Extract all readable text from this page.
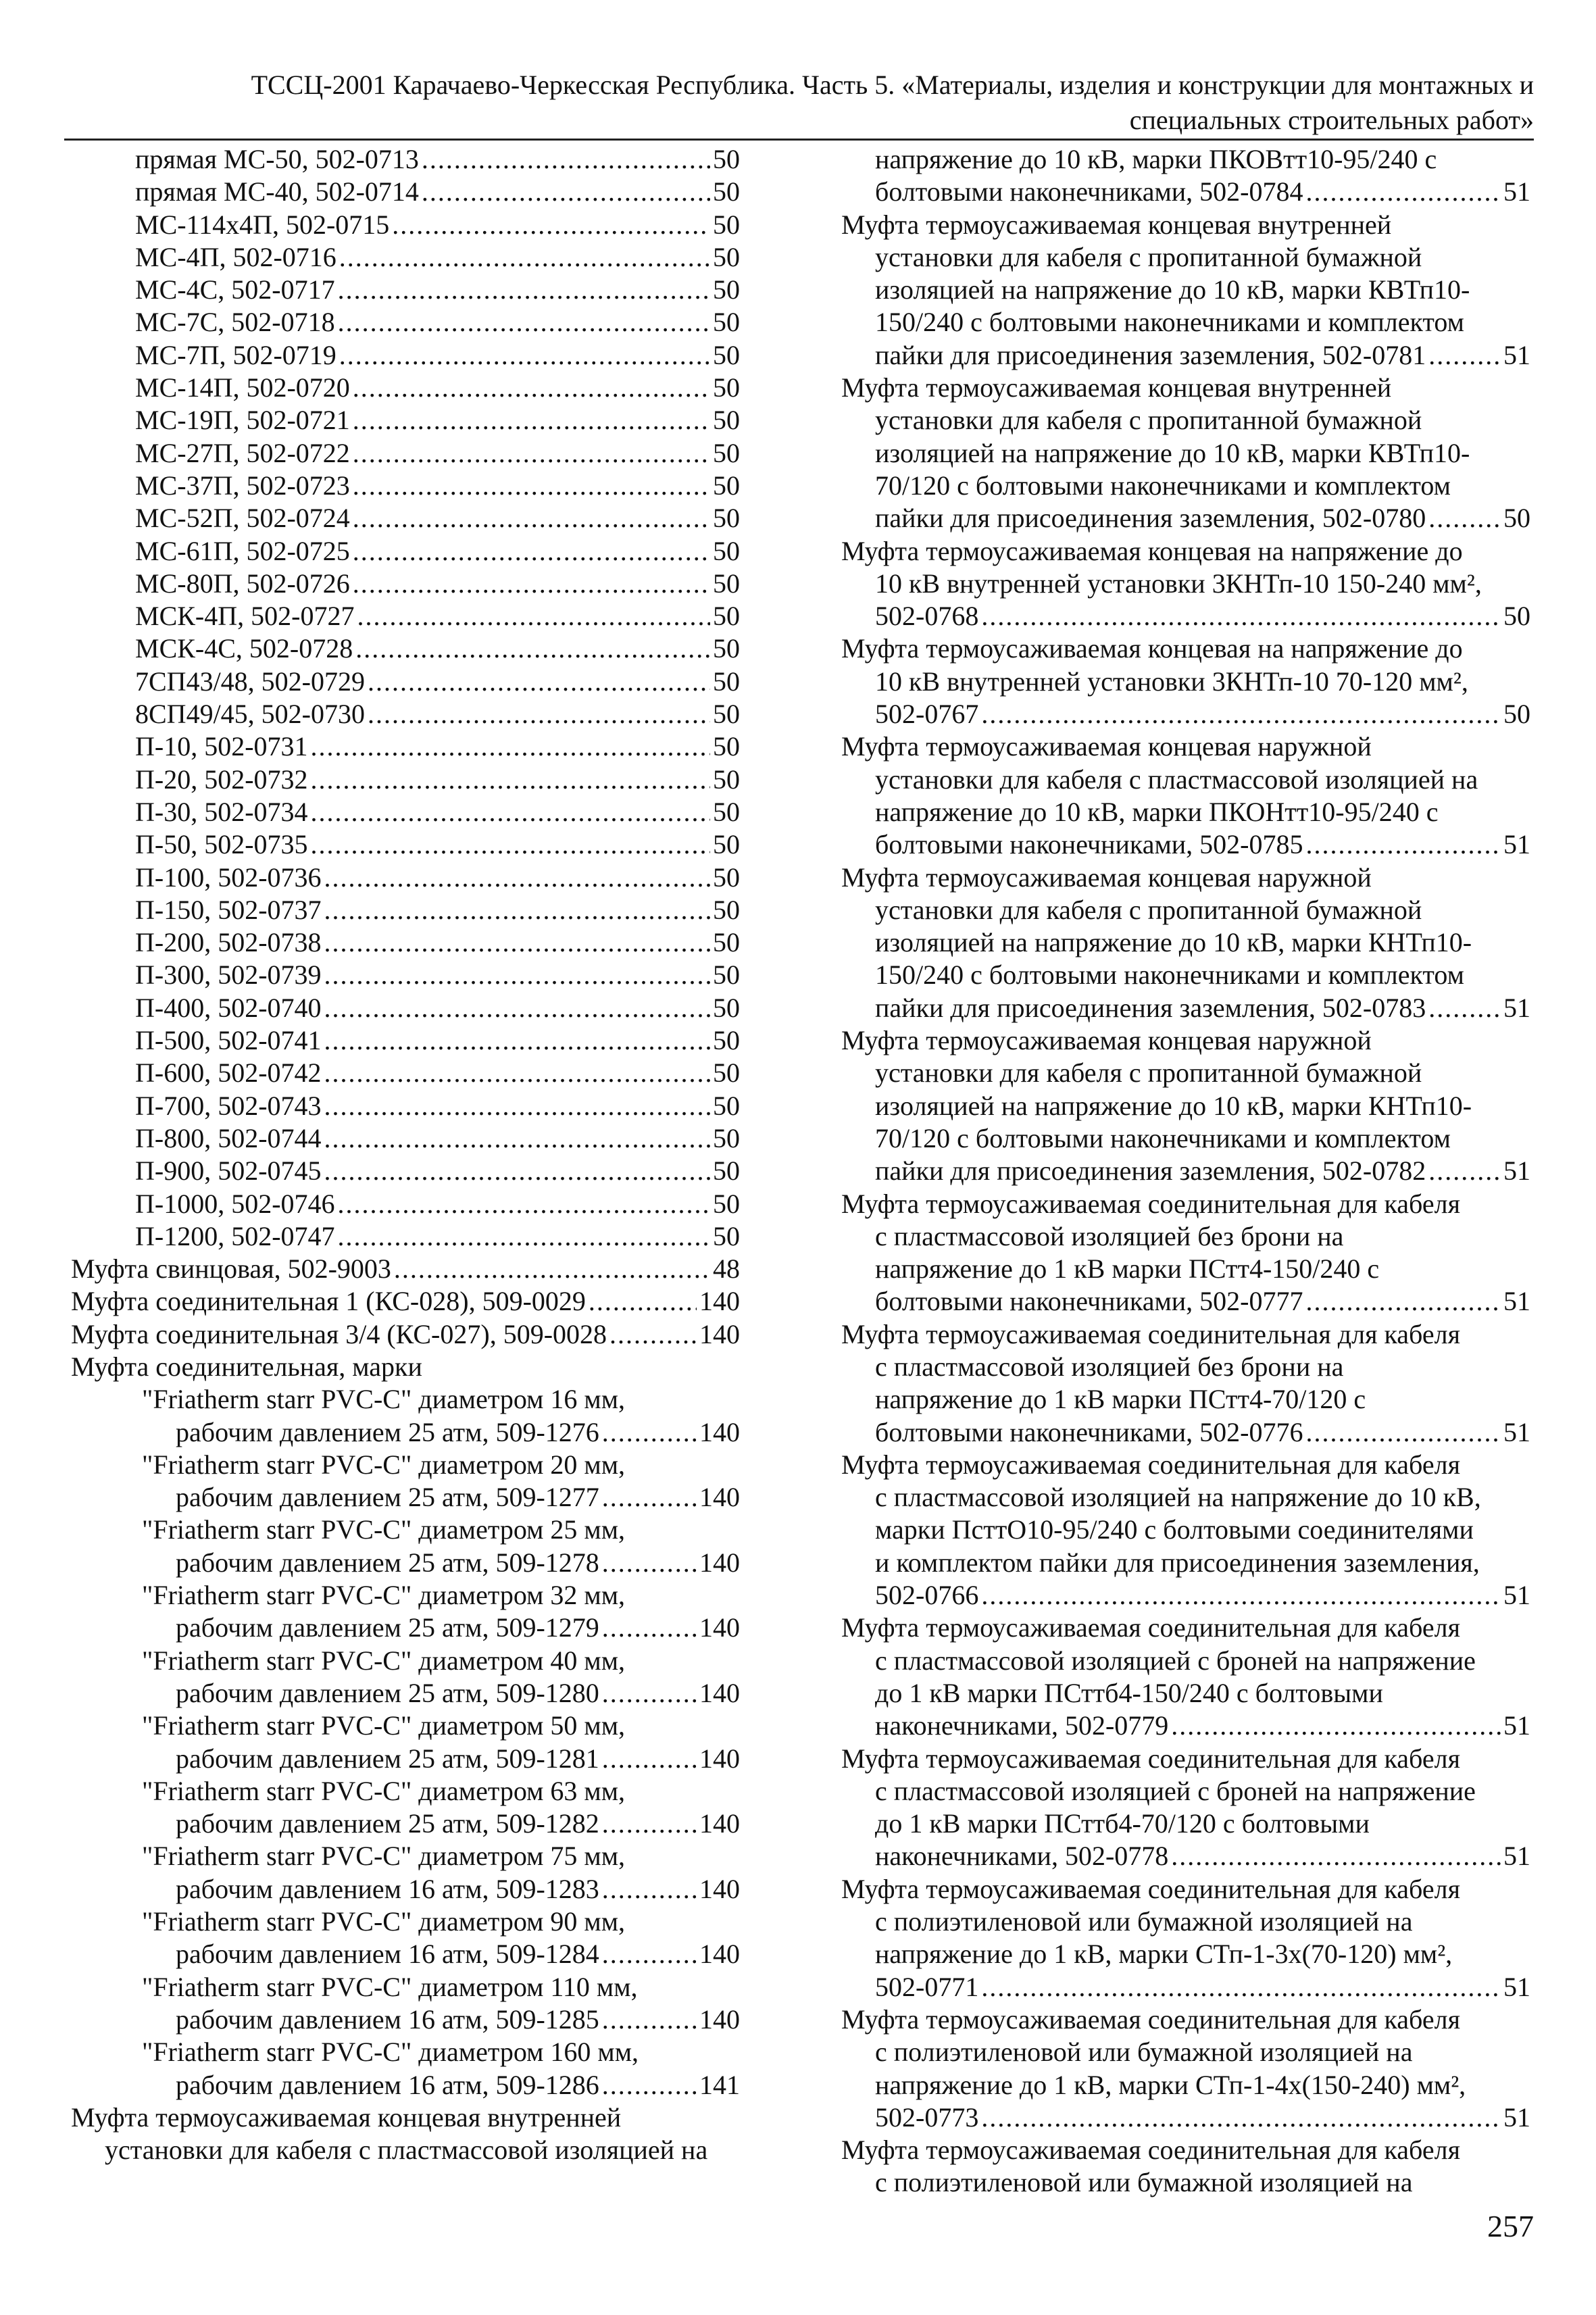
ТССЦ-2001 Карачаево-Черкесская Республика. Часть 5. «Материалы, изделия и конструкции для монтажных и
специальных строительных работ»
прямая МС-50, 502-0713 .....	50
прямая МС-40, 502-0714 .....	50
МС-114х4П, 502-0715 .....	50
МС-4П, 502-0716 .....	50
МС-4С, 502-0717 .....	50
МС-7С, 502-0718 .....	50
МС-7П, 502-0719 .....	50
МС-14П, 502-0720 .....	50
МС-19П, 502-0721 .....	50
МС-27П, 502-0722 .....	50
МС-37П, 502-0723 .....	50
МС-52П, 502-0724 .....	50
МС-61П, 502-0725 .....	50
МС-80П, 502-0726 .....	50
МСК-4П, 502-0727 .....	50
МСК-4С, 502-0728 .....	50
7СП43/48, 502-0729 .....	50
8СП49/45, 502-0730 .....	50
П-10, 502-0731 .....	50
П-20, 502-0732 .....	50
П-30, 502-0734 .....	50
П-50, 502-0735 .....	50
П-100, 502-0736 .....	50
П-150, 502-0737 .....	50
П-200, 502-0738 .....	50
П-300, 502-0739 .....	50
П-400, 502-0740 .....	50
П-500, 502-0741 .....	50
П-600, 502-0742 .....	50
П-700, 502-0743 .....	50
П-800, 502-0744 .....	50
П-900, 502-0745 .....	50
П-1000, 502-0746 .....	50
П-1200, 502-0747 .....	50
Муфта свинцовая, 502-9003 .....	48
Муфта соединительная 1 (КС-028), 509-0029 .....	140
Муфта соединительная 3/4 (КС-027), 509-0028 .....	140
Муфта соединительная, марки
"Friatherm starr PVC-C" диаметром 16 мм,
рабочим давлением 25 атм, 509-1276 .....	140
"Friatherm starr PVC-C" диаметром 20 мм,
рабочим давлением 25 атм, 509-1277 .....	140
"Friatherm starr PVC-C" диаметром 25 мм,
рабочим давлением 25 атм, 509-1278 .....	140
"Friatherm starr PVC-C" диаметром 32 мм,
рабочим давлением 25 атм, 509-1279 .....	140
"Friatherm starr PVC-C" диаметром 40 мм,
рабочим давлением 25 атм, 509-1280 .....	140
"Friatherm starr PVC-C" диаметром 50 мм,
рабочим давлением 25 атм, 509-1281 .....	140
"Friatherm starr PVC-C" диаметром 63 мм,
рабочим давлением 25 атм, 509-1282 .....	140
"Friatherm starr PVC-C" диаметром 75 мм,
рабочим давлением 16 атм, 509-1283 .....	140
"Friatherm starr PVC-C" диаметром 90 мм,
рабочим давлением 16 атм, 509-1284 .....	140
"Friatherm starr PVC-C" диаметром 110 мм,
рабочим давлением 16 атм, 509-1285 .....	140
"Friatherm starr PVC-C" диаметром 160 мм,
рабочим давлением 16 атм, 509-1286 .....	141
Муфта термоусаживаемая концевая внутренней
установки для кабеля с пластмассовой изоляцией на
напряжение до 10 кВ, марки ПКОВтт10-95/240 с
болтовыми наконечниками, 502-0784 .....	51
Муфта термоусаживаемая концевая внутренней
установки для кабеля с пропитанной бумажной
изоляцией на напряжение до 10 кВ, марки КВТп10-
150/240 с болтовыми наконечниками и комплектом
пайки для присоединения заземления, 502-0781 .....	51
Муфта термоусаживаемая концевая внутренней
установки для кабеля с пропитанной бумажной
изоляцией на напряжение до 10 кВ, марки КВТп10-
70/120 с болтовыми наконечниками и комплектом
пайки для присоединения заземления, 502-0780 .....	50
Муфта термоусаживаемая концевая на напряжение до
10 кВ внутренней установки 3КНТп-10 150-240 мм²,
502-0768 .....	50
Муфта термоусаживаемая концевая на напряжение до
10 кВ внутренней установки 3КНТп-10 70-120 мм²,
502-0767 .....	50
Муфта термоусаживаемая концевая наружной
установки для кабеля с пластмассовой изоляцией на
напряжение до 10 кВ, марки ПКОНтт10-95/240 с
болтовыми наконечниками, 502-0785 .....	51
Муфта термоусаживаемая концевая наружной
установки для кабеля с пропитанной бумажной
изоляцией на напряжение до 10 кВ, марки КНТп10-
150/240 с болтовыми наконечниками и комплектом
пайки для присоединения заземления, 502-0783 .....	51
Муфта термоусаживаемая концевая наружной
установки для кабеля с пропитанной бумажной
изоляцией на напряжение до 10 кВ, марки КНТп10-
70/120 с болтовыми наконечниками и комплектом
пайки для присоединения заземления, 502-0782 .....	51
Муфта термоусаживаемая соединительная для кабеля
с пластмассовой изоляцией без брони на
напряжение до 1 кВ марки ПСтт4-150/240 с
болтовыми наконечниками, 502-0777 .....	51
Муфта термоусаживаемая соединительная для кабеля
с пластмассовой изоляцией без брони на
напряжение до 1 кВ марки ПСтт4-70/120 с
болтовыми наконечниками, 502-0776 .....	51
Муфта термоусаживаемая соединительная для кабеля
с пластмассовой изоляцией на напряжение до 10 кВ,
марки ПсттО10-95/240 с болтовыми соединителями
и комплектом пайки для присоединения заземления,
502-0766 .....	51
Муфта термоусаживаемая соединительная для кабеля
с пластмассовой изоляцией с броней на напряжение
до 1 кВ марки ПСттб4-150/240 с болтовыми
наконечниками, 502-0779 .....	51
Муфта термоусаживаемая соединительная для кабеля
с пластмассовой изоляцией с броней на напряжение
до 1 кВ марки ПСттб4-70/120 с болтовыми
наконечниками, 502-0778 .....	51
Муфта термоусаживаемая соединительная для кабеля
с полиэтиленовой или бумажной изоляцией на
напряжение до 1 кВ, марки СТп-1-3х(70-120) мм²,
502-0771 .....	51
Муфта термоусаживаемая соединительная для кабеля
с полиэтиленовой или бумажной изоляцией на
напряжение до 1 кВ, марки СТп-1-4х(150-240) мм²,
502-0773 .....	51
Муфта термоусаживаемая соединительная для кабеля
с полиэтиленовой или бумажной изоляцией на
257
